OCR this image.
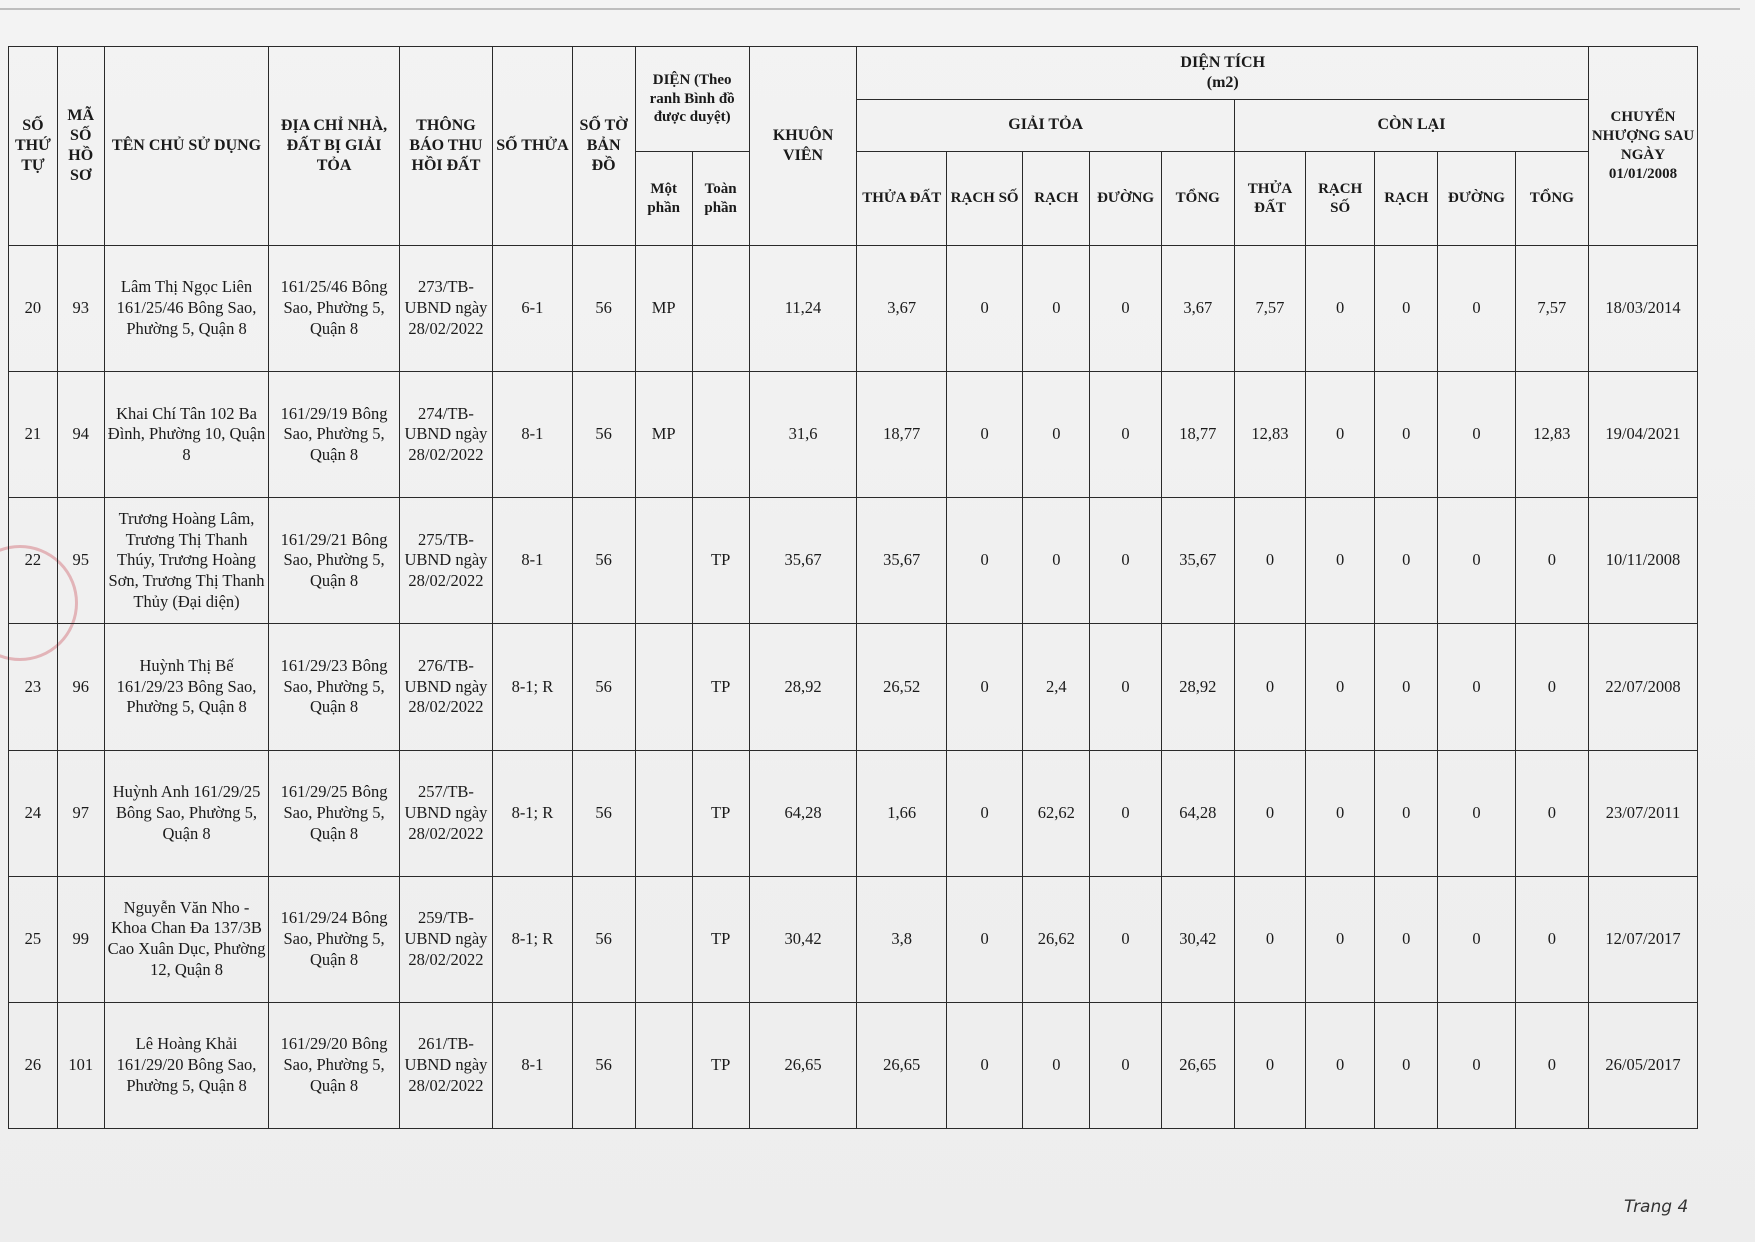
SỐ THỨ TỰ	MÃ SỐ HỒ SƠ	TÊN CHỦ SỬ DỤNG	ĐỊA CHỈ NHÀ, ĐẤT BỊ GIẢI TỎA	THÔNG BÁO THU HỒI ĐẤT	SỐ THỬA	SỐ TỜ BẢN ĐỒ	DIỆN (Theo ranh Bình đồ được duyệt)		KHUÔN VIÊN	DIỆN TÍCH
(m2)										CHUYỂN NHƯỢNG SAU NGÀY 01/01/2008
										GIẢI TỎA					CÒN LẠI					
							Một phần	Toàn phần		THỬA ĐẤT	RẠCH SỐ	RẠCH	ĐƯỜNG	TỔNG	THỬA ĐẤT	RẠCH SỐ	RẠCH	ĐƯỜNG	TỔNG	
20	93	Lâm Thị Ngọc Liên 161/25/46 Bông Sao, Phường 5, Quận 8	161/25/46 Bông Sao, Phường 5, Quận 8	273/TB-UBND ngày 28/02/2022	6-1	56	MP		11,24	3,67	0	0	0	3,67	7,57	0	0	0	7,57	18/03/2014
21	94	Khai Chí Tân 102 Ba Đình, Phường 10, Quận 8	161/29/19 Bông Sao, Phường 5, Quận 8	274/TB-UBND ngày 28/02/2022	8-1	56	MP		31,6	18,77	0	0	0	18,77	12,83	0	0	0	12,83	19/04/2021
22	95	Trương Hoàng Lâm, Trương Thị Thanh Thúy, Trương Hoàng Sơn, Trương Thị Thanh Thủy (Đại diện)	161/29/21 Bông Sao, Phường 5, Quận 8	275/TB-UBND ngày 28/02/2022	8-1	56		TP	35,67	35,67	0	0	0	35,67	0	0	0	0	0	10/11/2008
23	96	Huỳnh Thị Bế 161/29/23 Bông Sao, Phường 5, Quận 8	161/29/23 Bông Sao, Phường 5, Quận 8	276/TB-UBND ngày 28/02/2022	8-1; R	56		TP	28,92	26,52	0	2,4	0	28,92	0	0	0	0	0	22/07/2008
24	97	Huỳnh Anh 161/29/25 Bông Sao, Phường 5, Quận 8	161/29/25 Bông Sao, Phường 5, Quận 8	257/TB-UBND ngày 28/02/2022	8-1; R	56		TP	64,28	1,66	0	62,62	0	64,28	0	0	0	0	0	23/07/2011
25	99	Nguyễn Văn Nho - Khoa Chan Đa 137/3B Cao Xuân Dục, Phường 12, Quận 8	161/29/24 Bông Sao, Phường 5, Quận 8	259/TB-UBND ngày 28/02/2022	8-1; R	56		TP	30,42	3,8	0	26,62	0	30,42	0	0	0	0	0	12/07/2017
26	101	Lê Hoàng Khải 161/29/20 Bông Sao, Phường 5, Quận 8	161/29/20 Bông Sao, Phường 5, Quận 8	261/TB-UBND ngày 28/02/2022	8-1	56		TP	26,65	26,65	0	0	0	26,65	0	0	0	0	0	26/05/2017
Trang 4
